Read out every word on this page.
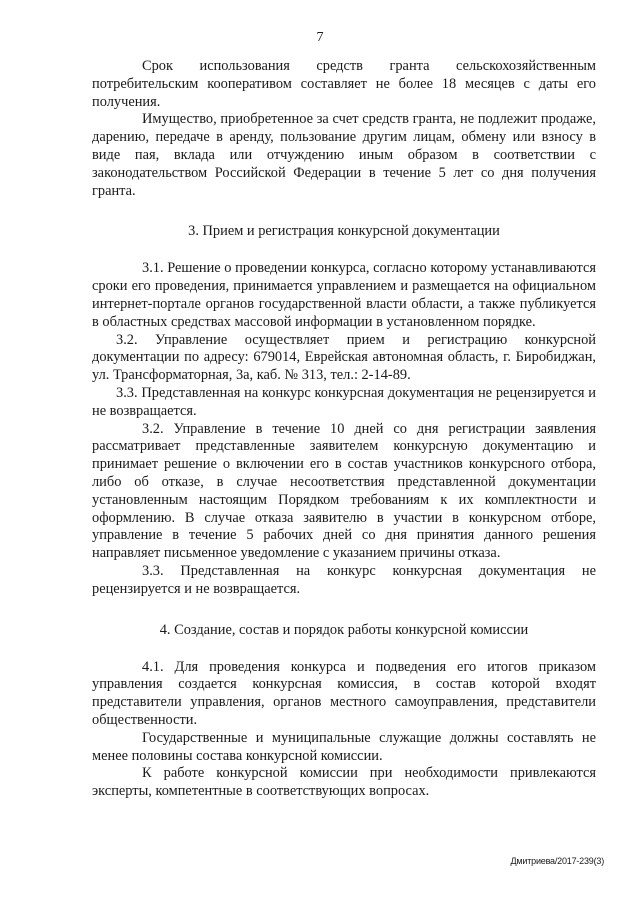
7

Срок использования средств гранта сельскохозяйственным потребительским кооперативом составляет не более 18 месяцев с даты его получения.

Имущество, приобретенное за счет средств гранта, не подлежит продаже, дарению, передаче в аренду, пользование другим лицам, обмену или взносу в виде пая, вклада или отчуждению иным образом в соответствии с законодательством Российской Федерации в течение 5 лет со дня получения гранта.

3. Прием и регистрация конкурсной документации

3.1. Решение о проведении конкурса, согласно которому устанавливаются сроки его проведения, принимается управлением и размещается на официальном интернет-портале органов государственной власти области, а также публикуется в областных средствах массовой информации в установленном порядке.

3.2. Управление осуществляет прием и регистрацию конкурсной документации по адресу: 679014, Еврейская автономная область, г. Биробиджан, ул. Трансформаторная, 3а, каб. № 313, тел.: 2-14-89.

3.3. Представленная на конкурс конкурсная документация не рецензируется и не возвращается.

3.2. Управление в течение 10 дней со дня регистрации заявления рассматривает представленные заявителем конкурсную документацию и принимает решение о включении его в состав участников конкурсного отбора, либо об отказе, в случае несоответствия представленной документации установленным настоящим Порядком требованиям к их комплектности и оформлению. В случае отказа заявителю в участии в конкурсном отборе, управление в течение 5 рабочих дней со дня принятия данного решения направляет письменное уведомление с указанием причины отказа.

3.3. Представленная на конкурс конкурсная документация не рецензируется и не возвращается.

4. Создание, состав и порядок работы конкурсной комиссии

4.1. Для проведения конкурса и подведения его итогов приказом управления создается конкурсная комиссия, в состав которой входят представители управления, органов местного самоуправления, представители общественности.

Государственные и муниципальные служащие должны составлять не менее половины состава конкурсной комиссии.

К работе конкурсной комиссии при необходимости привлекаются эксперты, компетентные в соответствующих вопросах.

Дмитриева/2017-239(3)
